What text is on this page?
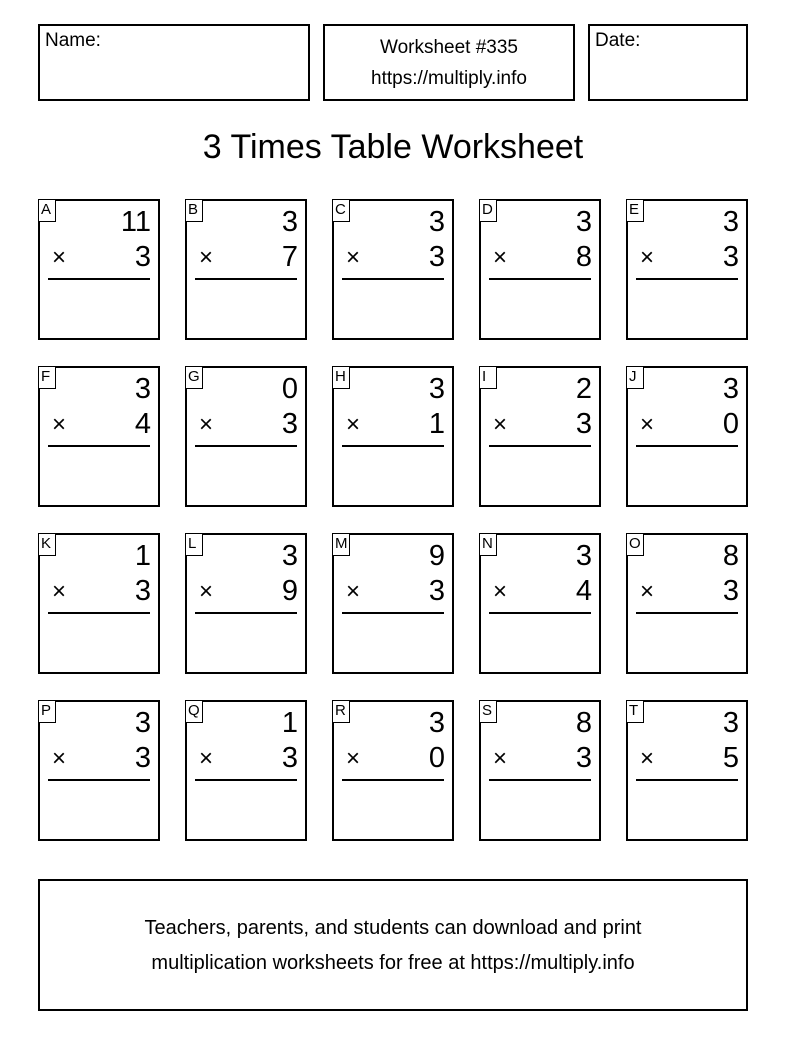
Name:	Worksheet #335
https://multiply.info
Date:
3 Times Table Worksheet
A 11
× 3
B	3
× 7
C	3
× 3
D	3
× 8
E	3
× 3
F	3
× 4
G	0
× 3
H	3
× 1
I	2
× 3
J	3
× 0
K	1
× 3
L	3
× 9
M	9
× 3
N	3
× 4
O	8
× 3
P	3
× 3
Q	1
× 3
R	3
× 0
S	8
× 3
T	3
× 5
Teachers, parents, and students can download and print
multiplication worksheets for free at https://multiply.info
